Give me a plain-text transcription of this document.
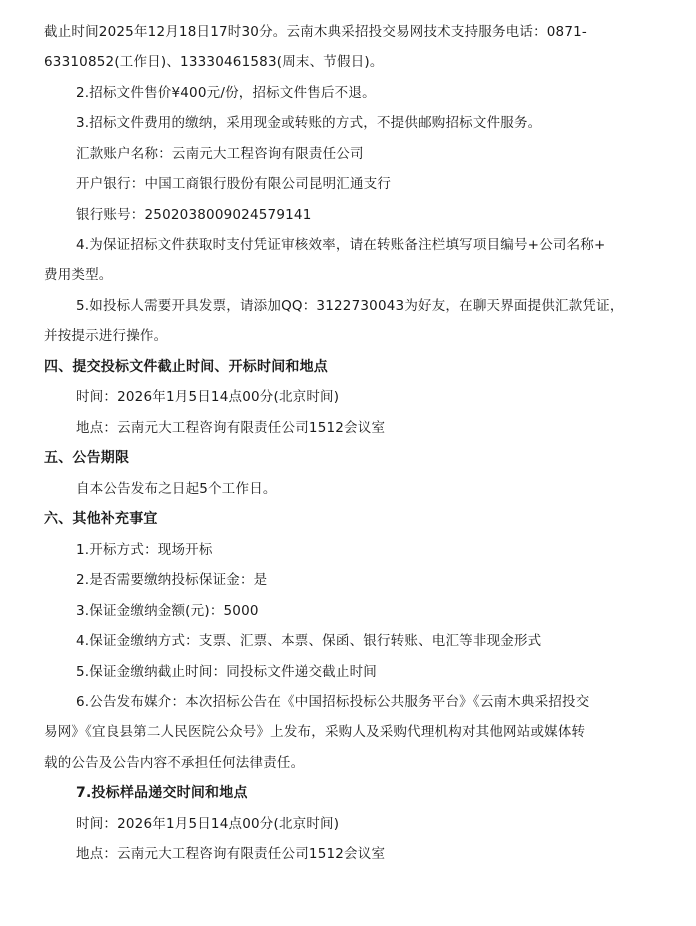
截止时间2025年12月18日17时30分。云南木典采招投交易网技术支持服务电话：0871-
63310852(工作日)、13330461583(周末、节假日)。
2.招标文件售价¥400元/份，招标文件售后不退。
3.招标文件费用的缴纳，采用现金或转账的方式，不提供邮购招标文件服务。
汇款账户名称：云南元大工程咨询有限责任公司
开户银行：中国工商银行股份有限公司昆明汇通支行
银行账号：2502038009024579141
4.为保证招标文件获取时支付凭证审核效率，请在转账备注栏填写项目编号+公司名称+
费用类型。
5.如投标人需要开具发票，请添加QQ：3122730043为好友，在聊天界面提供汇款凭证，
并按提示进行操作。
四、提交投标文件截止时间、开标时间和地点
时间：2026年1月5日14点00分(北京时间)
地点：云南元大工程咨询有限责任公司1512会议室
五、公告期限
自本公告发布之日起5个工作日。
六、其他补充事宜
1.开标方式：现场开标
2.是否需要缴纳投标保证金：是
3.保证金缴纳金额(元)：5000
4.保证金缴纳方式：支票、汇票、本票、保函、银行转账、电汇等非现金形式
5.保证金缴纳截止时间：同投标文件递交截止时间
6.公告发布媒介：本次招标公告在《中国招标投标公共服务平台》《云南木典采招投交
易网》《宜良县第二人民医院公众号》上发布，采购人及采购代理机构对其他网站或媒体转
载的公告及公告内容不承担任何法律责任。
7.投标样品递交时间和地点
时间：2026年1月5日14点00分(北京时间)
地点：云南元大工程咨询有限责任公司1512会议室
